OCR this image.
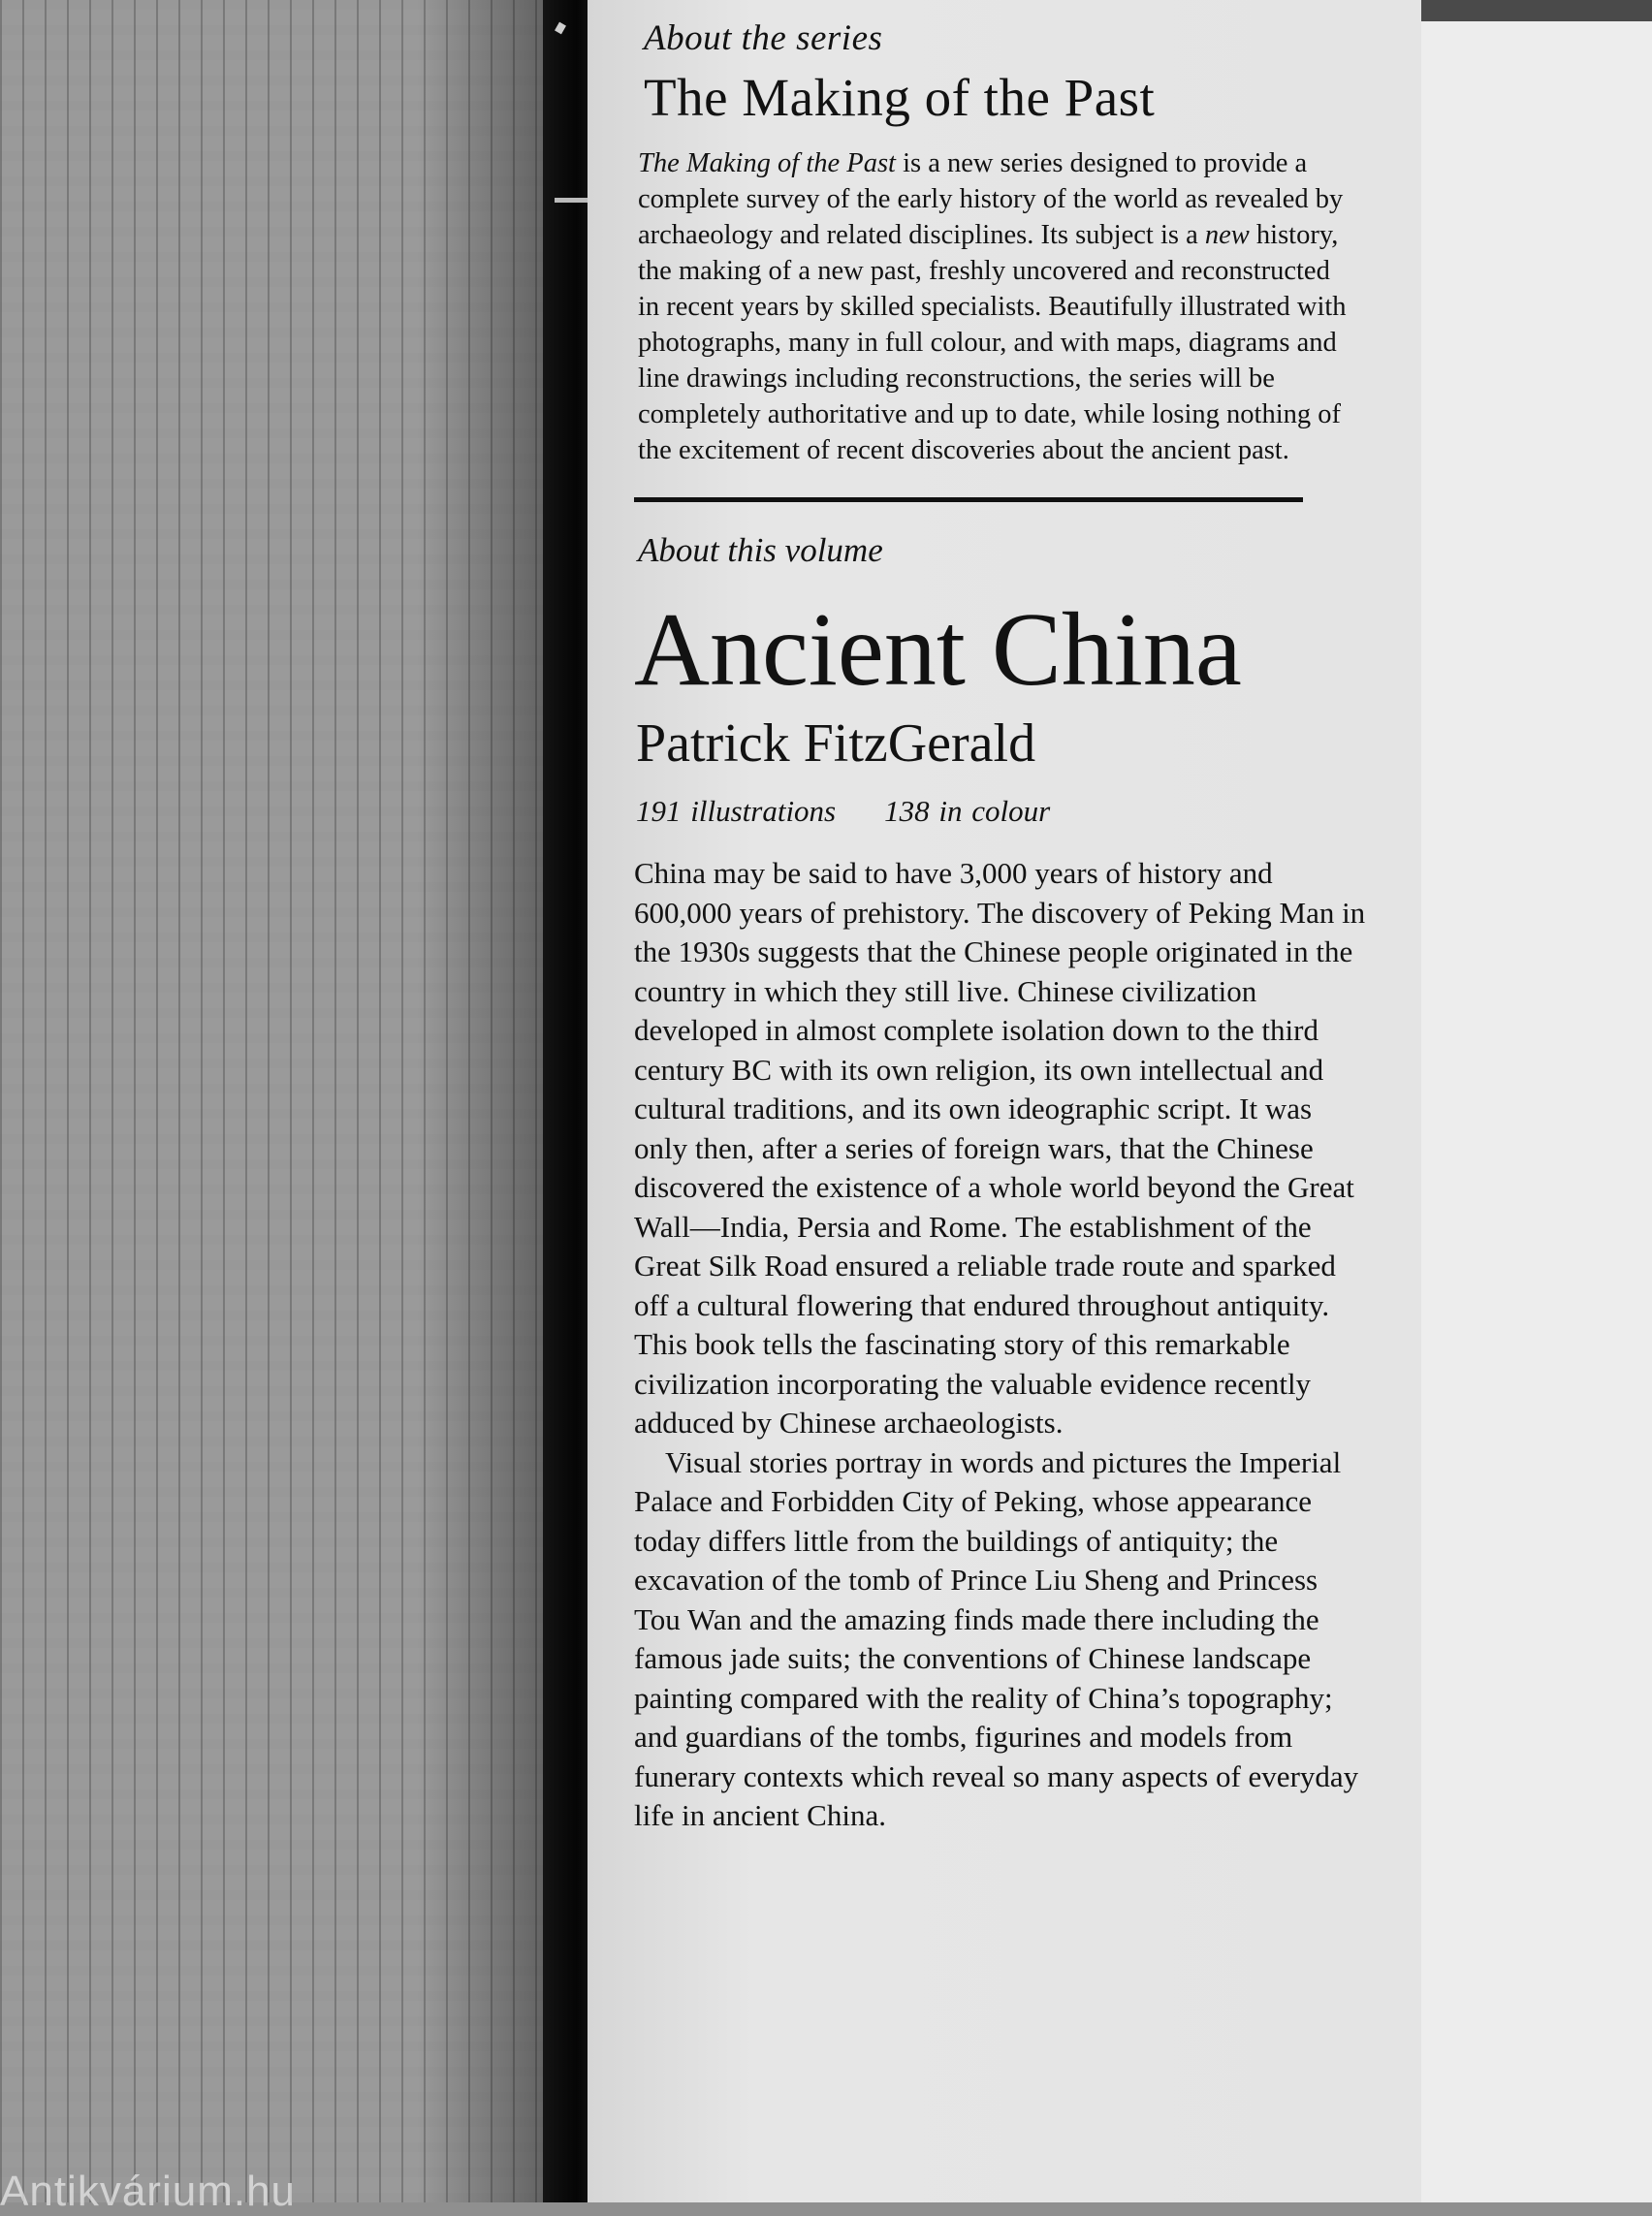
Antikvárium.hu
About the series
The Making of the Past

The Making of the Past is a new series designed to provide a complete survey of the early history of the world as revealed by archaeology and related disciplines. Its subject is a new history, the making of a new past, freshly uncovered and reconstructed in recent years by skilled specialists. Beautifully illustrated with photographs, many in full colour, and with maps, diagrams and line drawings including reconstructions, the series will be completely authoritative and up to date, while losing nothing of the excitement of recent discoveries about the ancient past.

About this volume
Ancient China
Patrick FitzGerald
191 illustrations 138 in colour

China may be said to have 3,000 years of history and 600,000 years of prehistory. The discovery of Peking Man in the 1930s suggests that the Chinese people originated in the country in which they still live. Chinese civilization developed in almost complete isolation down to the third century BC with its own religion, its own intellectual and cultural traditions, and its own ideographic script. It was only then, after a series of foreign wars, that the Chinese discovered the existence of a whole world beyond the Great Wall—India, Persia and Rome. The establishment of the Great Silk Road ensured a reliable trade route and sparked off a cultural flowering that endured throughout antiquity. This book tells the fascinating story of this remarkable civilization incorporating the valuable evidence recently adduced by Chinese archaeologists.

Visual stories portray in words and pictures the Imperial Palace and Forbidden City of Peking, whose appearance today differs little from the buildings of antiquity; the excavation of the tomb of Prince Liu Sheng and Princess Tou Wan and the amazing finds made there including the famous jade suits; the conventions of Chinese landscape painting compared with the reality of China’s topography; and guardians of the tombs, figurines and models from funerary contexts which reveal so many aspects of everyday life in ancient China.
